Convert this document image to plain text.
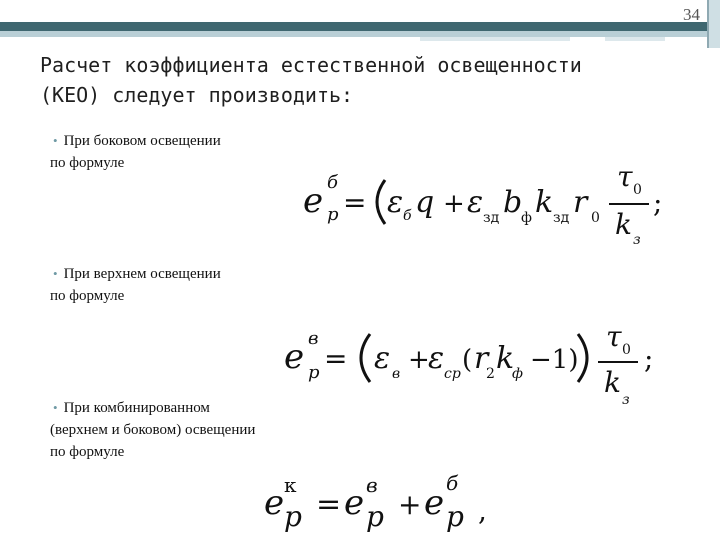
34
Расчет коэффициента естественной освещенности
(КЕО) следует производить:
• При боковом освещении
по формуле
• При верхнем освещении
по формуле
• При комбинированном
(верхнем и боковом) освещении
по формуле
e б
р = ε б q + ε зд b
ф k зд r 0
τ 0
k з
;
e в
р = ε в +
ε ср ( r
2 k
ф −1)
τ 0
k
з
;
e к
р = e в
р + e б
р ,
